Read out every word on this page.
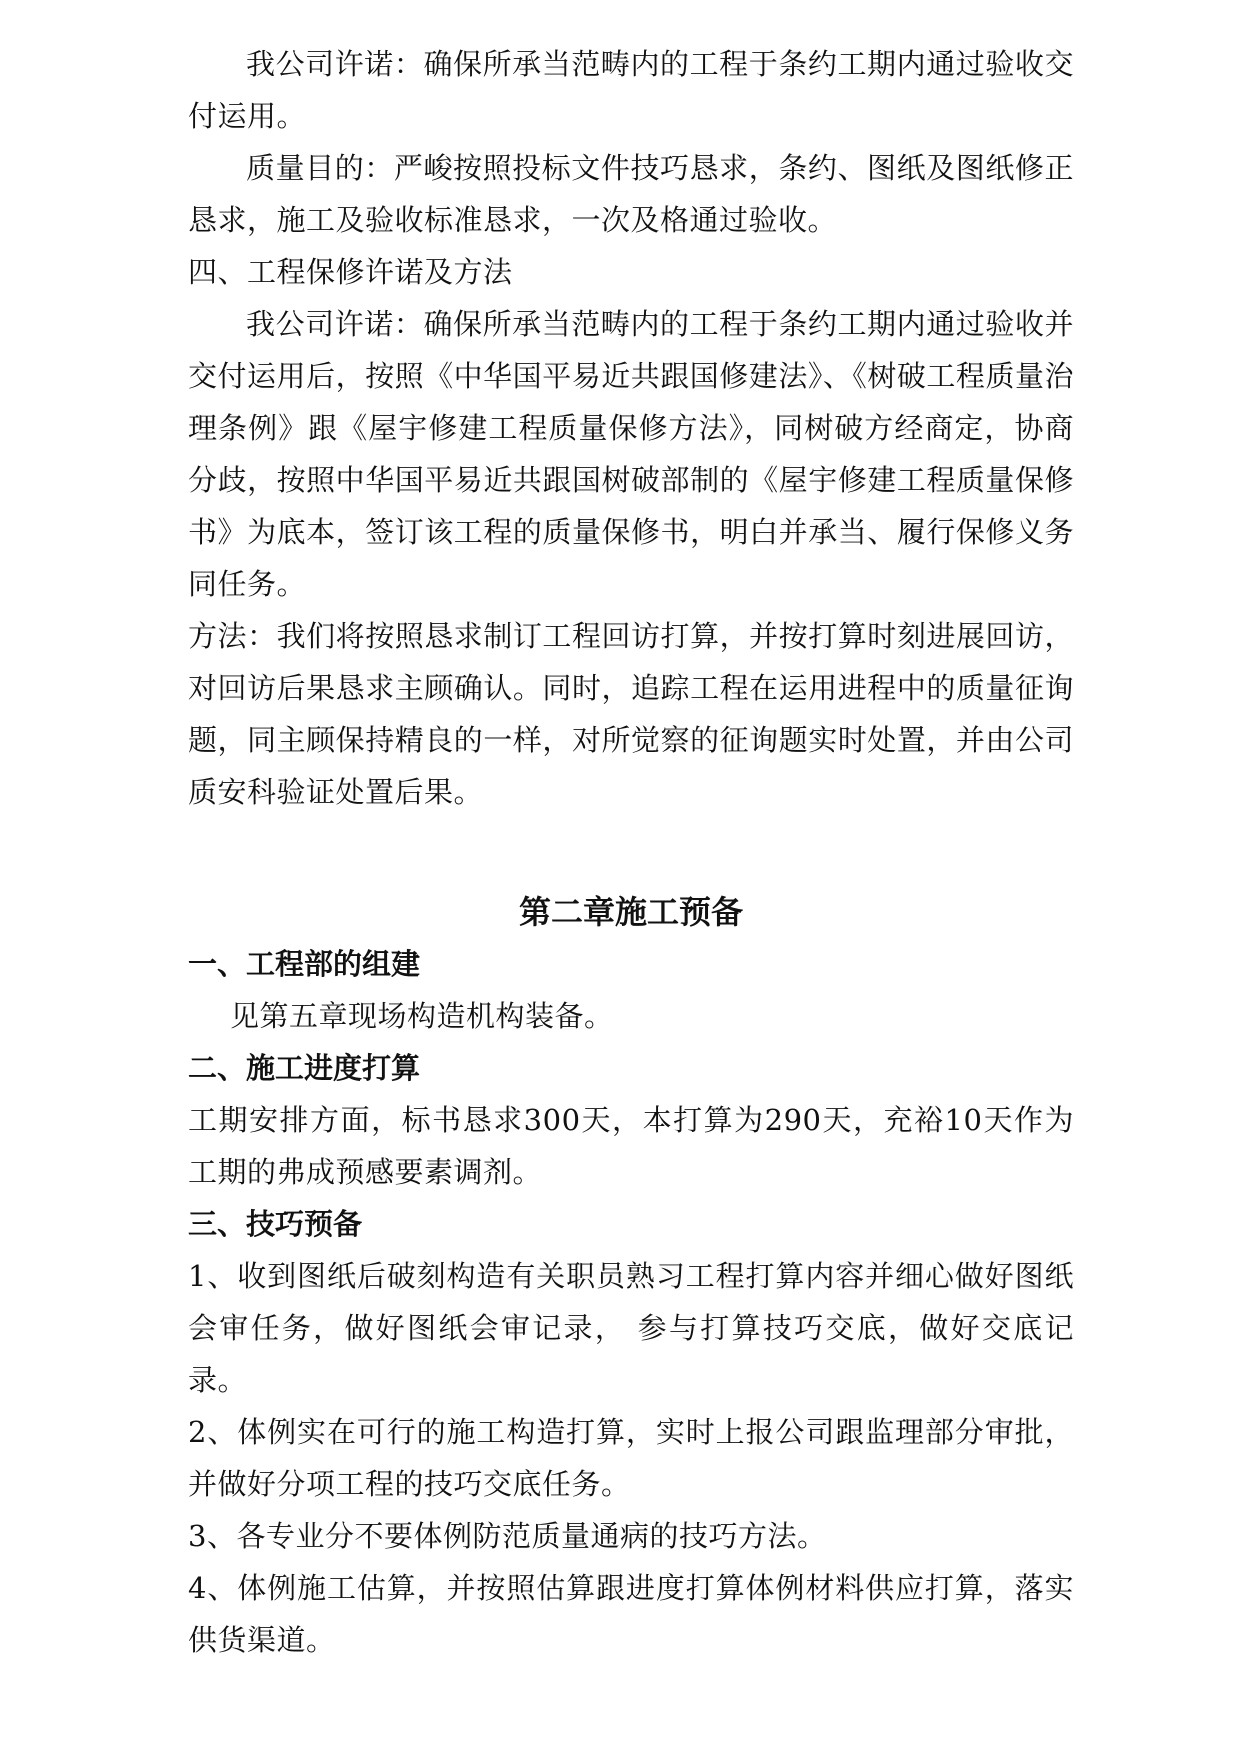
我公司许诺：确保所承当范畴内的工程于条约工期内通过验收交付运用。

质量目的：严峻按照投标文件技巧恳求，条约、图纸及图纸修正恳求，施工及验收标准恳求，一次及格通过验收。

四、工程保修许诺及方法

我公司许诺：确保所承当范畴内的工程于条约工期内通过验收并交付运用后，按照《中华国平易近共跟国修建法》、《树破工程质量治理条例》跟《屋宇修建工程质量保修方法》，同树破方经商定，协商分歧，按照中华国平易近共跟国树破部制的《屋宇修建工程质量保修书》为底本，签订该工程的质量保修书，明白并承当、履行保修义务同任务。

方法：我们将按照恳求制订工程回访打算，并按打算时刻进展回访，对回访后果恳求主顾确认。同时，追踪工程在运用进程中的质量征询题，同主顾保持精良的一样，对所觉察的征询题实时处置，并由公司质安科验证处置后果。

第二章施工预备
一、工程部的组建

见第五章现场构造机构装备。

二、施工进度打算

工期安排方面，标书恳求300天，本打算为290天，充裕10天作为工期的弗成预感要素调剂。

三、技巧预备

1、收到图纸后破刻构造有关职员熟习工程打算内容并细心做好图纸会审任务，做好图纸会审记录， 参与打算技巧交底，做好交底记录。

2、体例实在可行的施工构造打算，实时上报公司跟监理部分审批，并做好分项工程的技巧交底任务。

3、各专业分不要体例防范质量通病的技巧方法。

4、体例施工估算，并按照估算跟进度打算体例材料供应打算，落实供货渠道。
